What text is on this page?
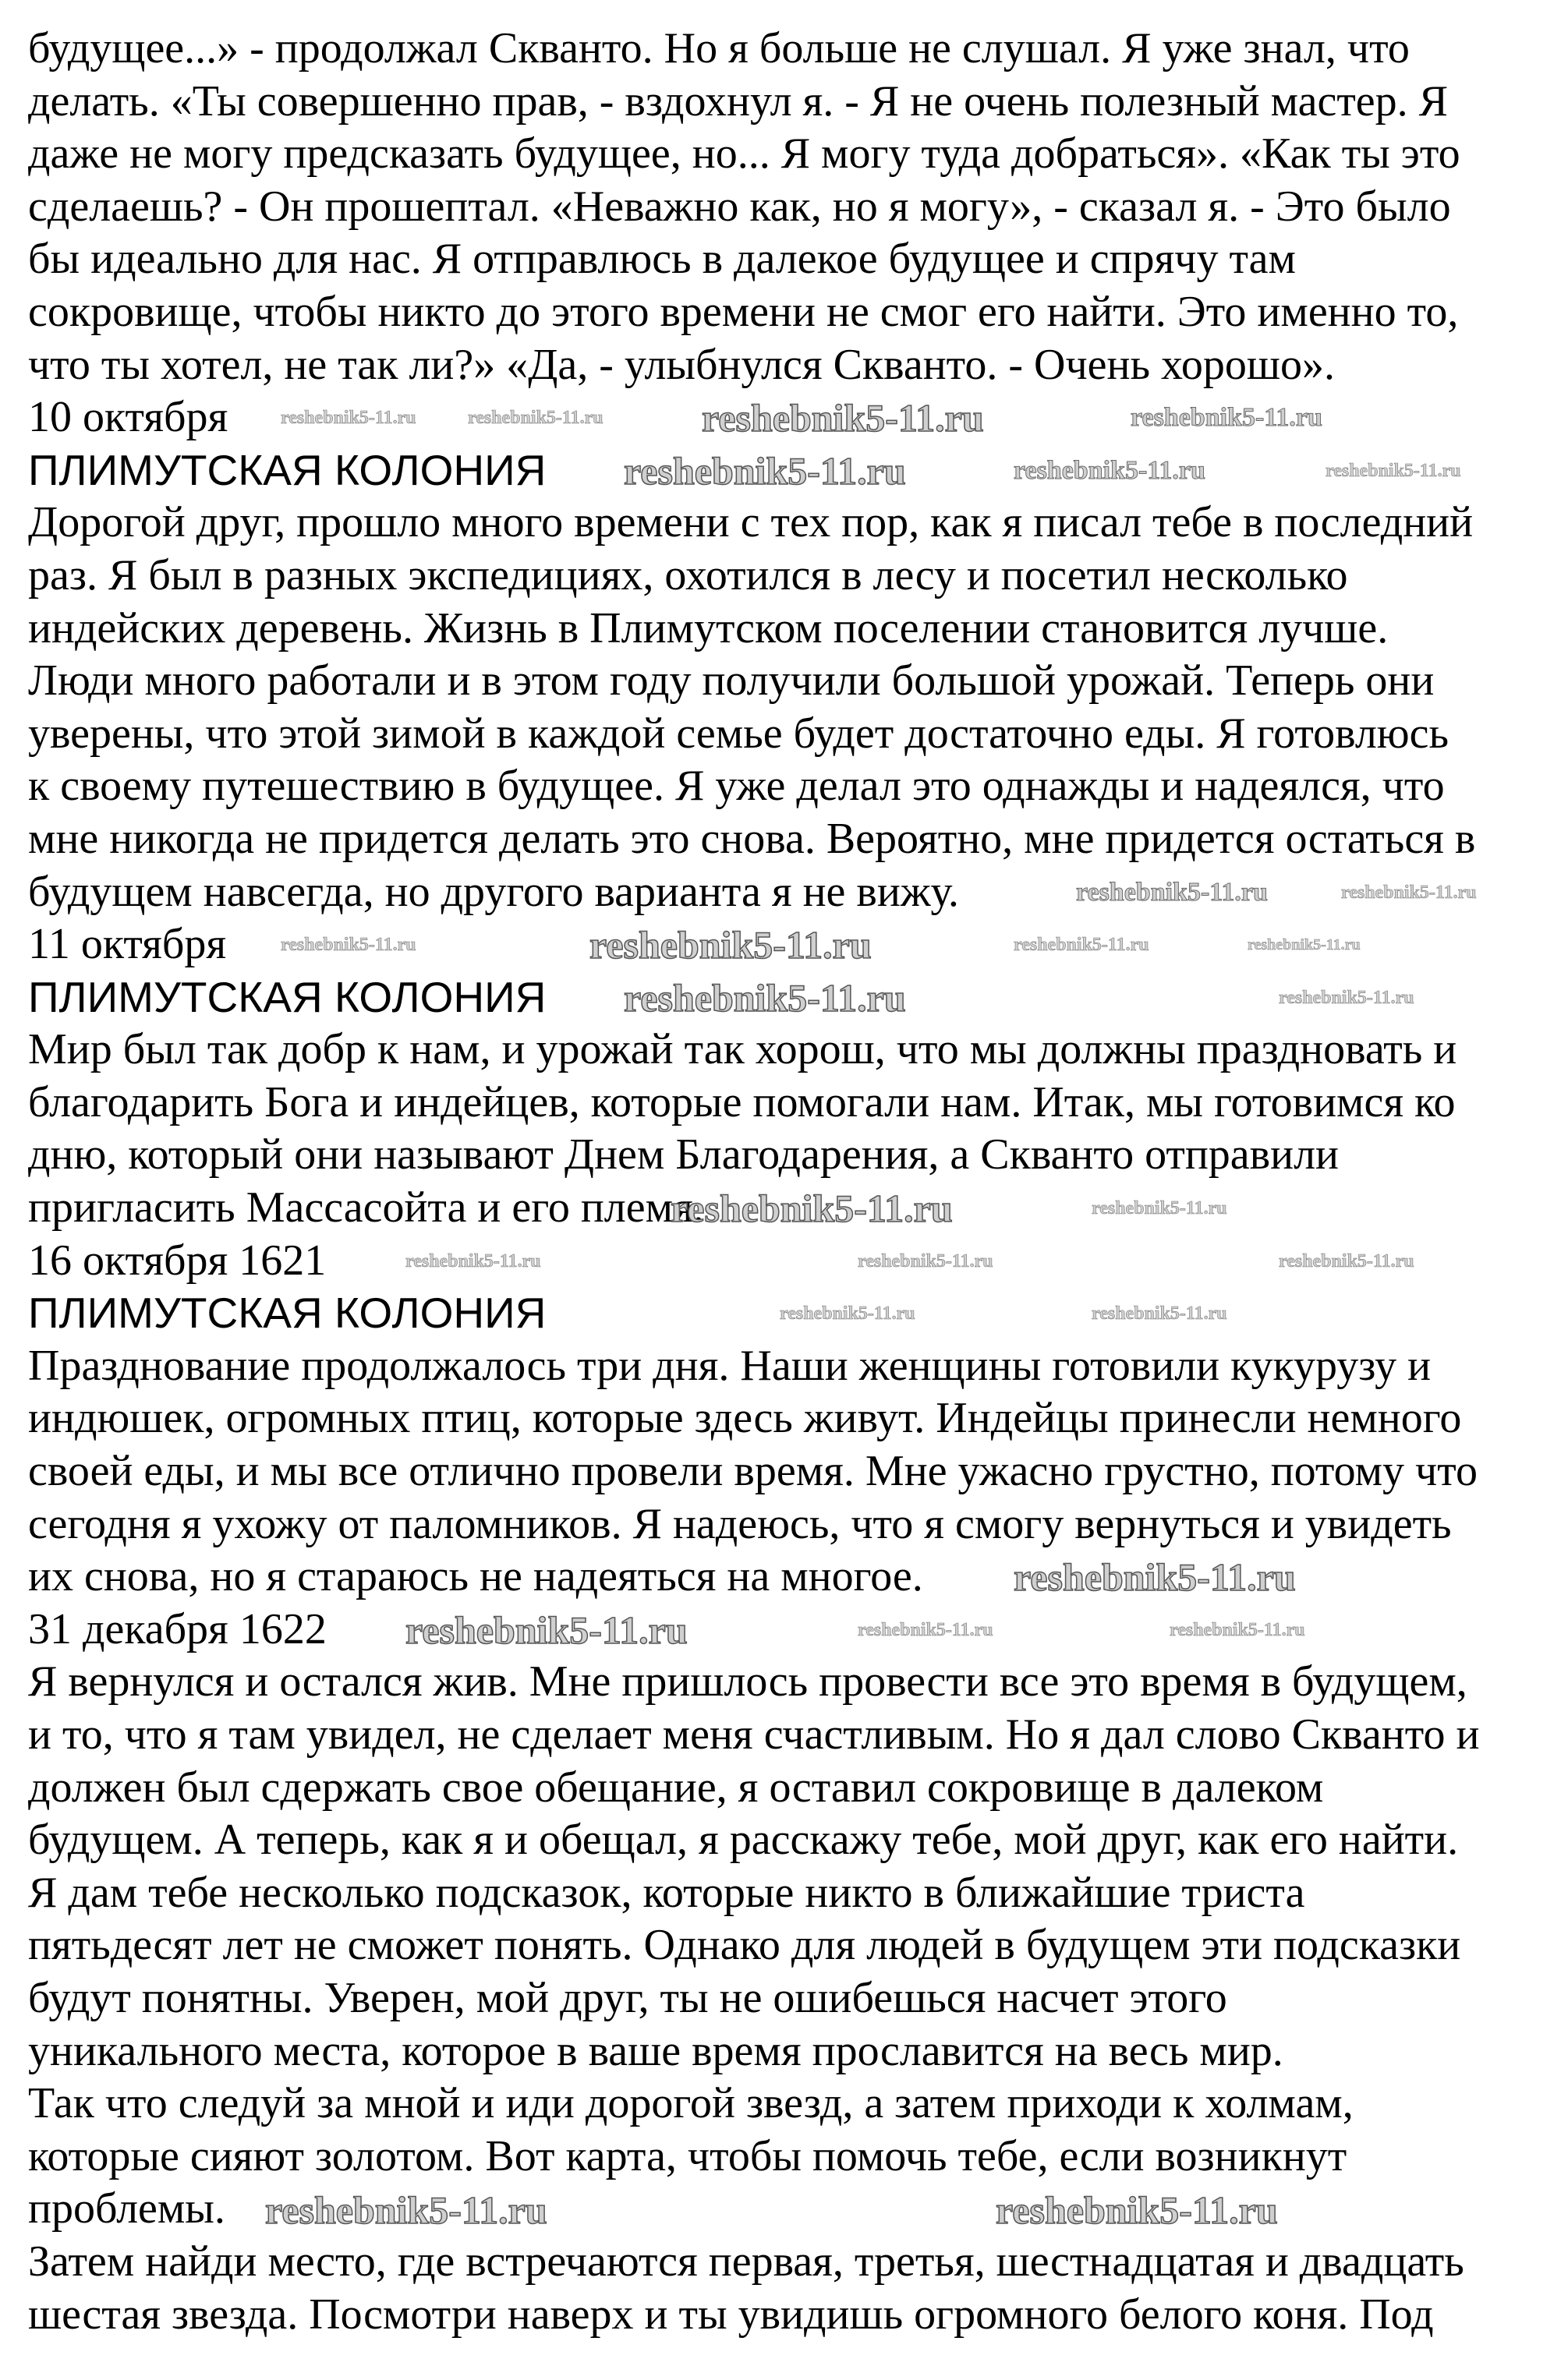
будущее...» - продолжал Скванто. Но я больше не слушал. Я уже знал, что
делать. «Ты совершенно прав, - вздохнул я. - Я не очень полезный мастер. Я
даже не могу предсказать будущее, но... Я могу туда добраться». «Как ты это
сделаешь? - Он прошептал. «Неважно как, но я могу», - сказал я. - Это было
бы идеально для нас. Я отправлюсь в далекое будущее и спрячу там
сокровище, чтобы никто до этого времени не смог его найти. Это именно то,
что ты хотел, не так ли?» «Да, - улыбнулся Скванто. - Очень хорошо».
10 октября
ПЛИМУТСКАЯ КОЛОНИЯ
Дорогой друг, прошло много времени с тех пор, как я писал тебе в последний
раз. Я был в разных экспедициях, охотился в лесу и посетил несколько
индейских деревень. Жизнь в Плимутском поселении становится лучше.
Люди много работали и в этом году получили большой урожай. Теперь они
уверены, что этой зимой в каждой семье будет достаточно еды. Я готовлюсь
к своему путешествию в будущее. Я уже делал это однажды и надеялся, что
мне никогда не придется делать это снова. Вероятно, мне придется остаться в
будущем навсегда, но другого варианта я не вижу.
11 октября
ПЛИМУТСКАЯ КОЛОНИЯ
Мир был так добр к нам, и урожай так хорош, что мы должны праздновать и
благодарить Бога и индейцев, которые помогали нам. Итак, мы готовимся ко
дню, который они называют Днем Благодарения, а Скванто отправили
пригласить Массасойта и его племя.
16 октября 1621
ПЛИМУТСКАЯ КОЛОНИЯ
Празднование продолжалось три дня. Наши женщины готовили кукурузу и
индюшек, огромных птиц, которые здесь живут. Индейцы принесли немного
своей еды, и мы все отлично провели время. Мне ужасно грустно, потому что
сегодня я ухожу от паломников. Я надеюсь, что я смогу вернуться и увидеть
их снова, но я стараюсь не надеяться на многое.
31 декабря 1622
Я вернулся и остался жив. Мне пришлось провести все это время в будущем,
и то, что я там увидел, не сделает меня счастливым. Но я дал слово Скванто и
должен был сдержать свое обещание, я оставил сокровище в далеком
будущем. А теперь, как я и обещал, я расскажу тебе, мой друг, как его найти.
Я дам тебе несколько подсказок, которые никто в ближайшие триста
пятьдесят лет не сможет понять. Однако для людей в будущем эти подсказки
будут понятны. Уверен, мой друг, ты не ошибешься насчет этого
уникального места, которое в ваше время прославится на весь мир.
Так что следуй за мной и иди дорогой звезд, а затем приходи к холмам,
которые сияют золотом. Вот карта, чтобы помочь тебе, если возникнут
проблемы.
Затем найди место, где встречаются первая, третья, шестнадцатая и двадцать
шестая звезда. Посмотри наверх и ты увидишь огромного белого коня. Под
reshebnik5-11.ru	reshebnik5-11.ru	reshebnik5-11.ru	reshebnik5-11.ru
reshebnik5-11.ru	reshebnik5-11.ru	reshebnik5-11.ru
reshebnik5-11.ru	reshebnik5-11.ru
reshebnik5-11.ru	reshebnik5-11.ru	reshebnik5-11.ru	reshebnik5-11.ru
reshebnik5-11.ru	reshebnik5-11.ru
reshebnik5-11.ru	reshebnik5-11.ru
reshebnik5-11.ru	reshebnik5-11.ru	reshebnik5-11.ru
reshebnik5-11.ru	reshebnik5-11.ru
reshebnik5-11.ru
reshebnik5-11.ru	reshebnik5-11.ru	reshebnik5-11.ru
reshebnik5-11.ru	reshebnik5-11.ru
